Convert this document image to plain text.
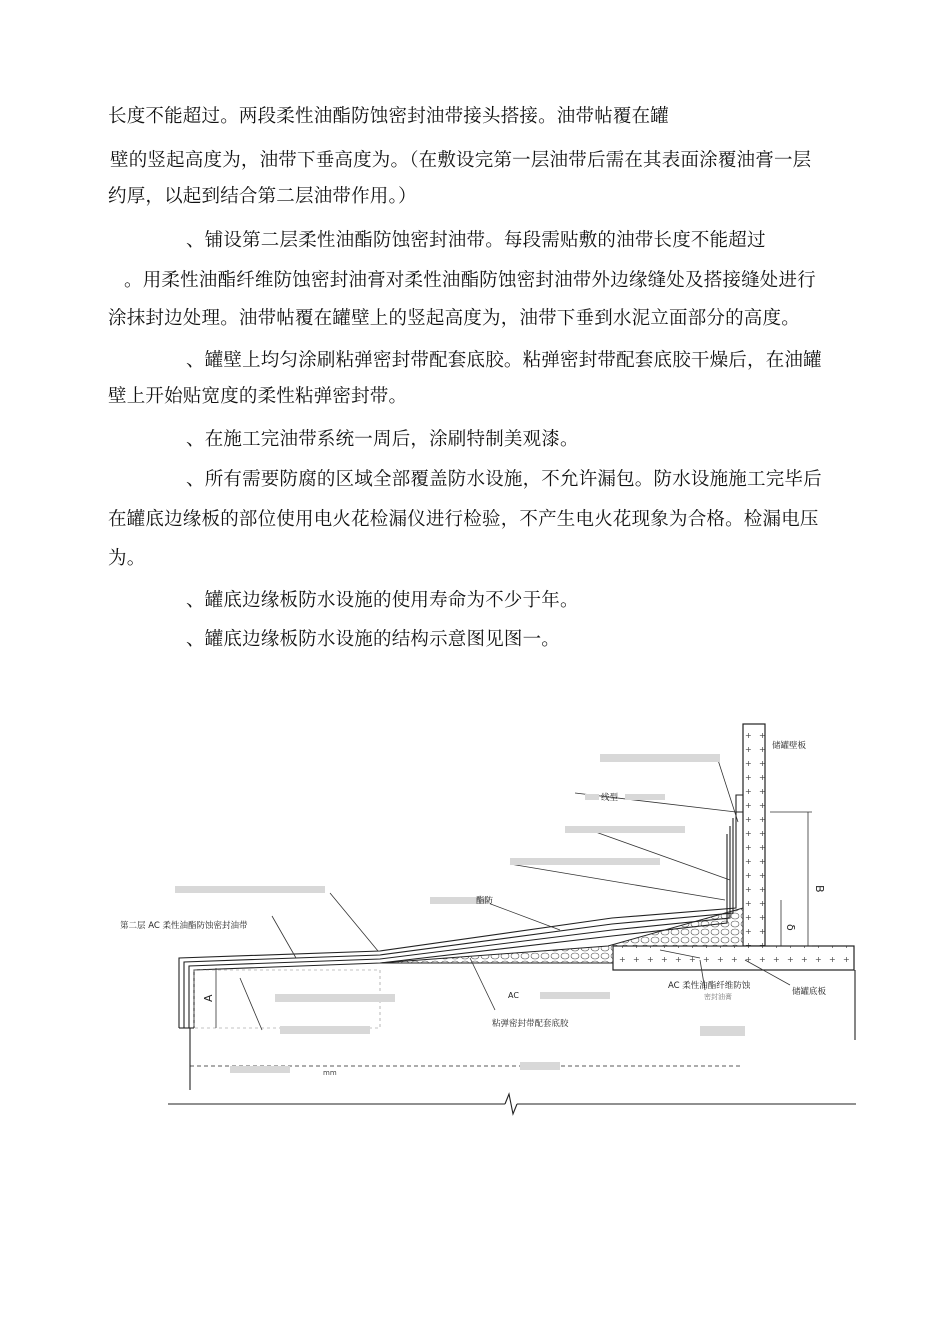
长度不能超过。两段柔性油酯防蚀密封油带接头搭接。油带帖覆在罐
壁的竖起高度为，油带下垂高度为。（在敷设完第一层油带后需在其表面涂覆油膏一层
约厚，以起到结合第二层油带作用。）
、铺设第二层柔性油酯防蚀密封油带。每段需贴敷的油带长度不能超过
。用柔性油酯纤维防蚀密封油膏对柔性油酯防蚀密封油带外边缘缝处及搭接缝处进行
涂抹封边处理。油带帖覆在罐壁上的竖起高度为，油带下垂到水泥立面部分的高度。
、罐壁上均匀涂刷粘弹密封带配套底胶。粘弹密封带配套底胶干燥后，在油罐
壁上开始贴宽度的柔性粘弹密封带。
、在施工完油带系统一周后，涂刷特制美观漆。
、所有需要防腐的区域全部覆盖防水设施，不允许漏包。防水设施施工完毕后
在罐底边缘板的部位使用电火花检漏仪进行检验，不产生电火花现象为合格。检漏电压
为。
、罐底边缘板防水设施的使用寿命为不少于年。
、罐底边缘板防水设施的结构示意图见图一。
储罐壁板
线型
酯防
第二层 AC 柔性油酯防蚀密封油带
AC
粘弹密封带配套底胶
AC 柔性油酯纤维防蚀
密封油膏	储罐底板
A
B
δ
mm
